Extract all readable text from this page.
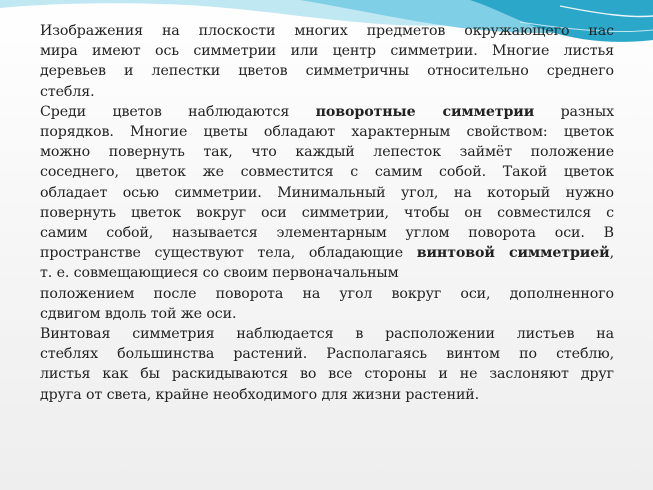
Изображения на плоскости многих предметов окружающего нас
мира имеют ось симметрии или центр симметрии. Многие листья
деревьев и лепестки цветов симметричны относительно среднего
стебля.

Среди цветов наблюдаются поворотные симметрии разных
порядков. Многие цветы обладают характерным свойством: цветок
можно повернуть так, что каждый лепесток займёт положение
соседнего, цветок же совместится с самим собой. Такой цветок
обладает осью симметрии. Минимальный угол, на который нужно
повернуть цветок вокруг оси симметрии, чтобы он совместился с
самим собой, называется элементарным углом поворота оси. В
пространстве существуют тела, обладающие винтовой симметрией,
т. е. совмещающиеся со своим первоначальным
положением после поворота на угол вокруг оси, дополненного
сдвигом вдоль той же оси.

Винтовая симметрия наблюдается в расположении листьев на
стеблях большинства растений. Располагаясь винтом по стеблю,
листья как бы раскидываются во все стороны и не заслоняют друг
друга от света, крайне необходимого для жизни растений.
